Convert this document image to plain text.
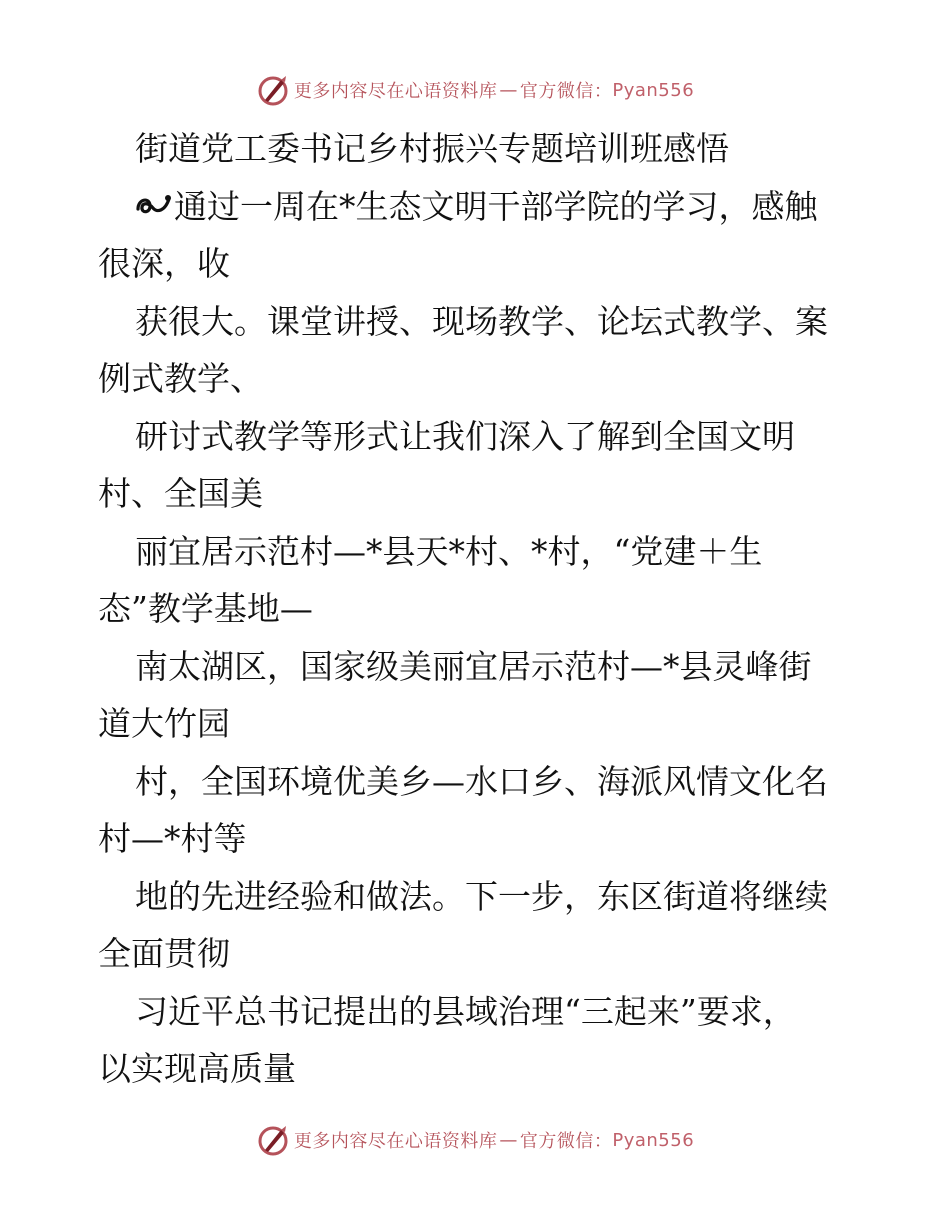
更多内容尽在心语资料库 — 官方微信： Pyan556
街道党工委书记乡村振兴专题培训班感悟
通过一周在*生态文明干部学院的学习，感触
很深，收
获很大。课堂讲授、现场教学、论坛式教学、案
例式教学、
研讨式教学等形式让我们深入了解到全国文明
村、全国美
丽宜居示范村—*县天*村、*村，“党建＋生
态”教学基地—
南太湖区，国家级美丽宜居示范村—*县灵峰街
道大竹园
村，全国环境优美乡—水口乡、海派风情文化名
村—*村等
地的先进经验和做法。下一步，东区街道将继续
全面贯彻
习近平总书记提出的县域治理“三起来”要求，
以实现高质量
更多内容尽在心语资料库 — 官方微信： Pyan556
